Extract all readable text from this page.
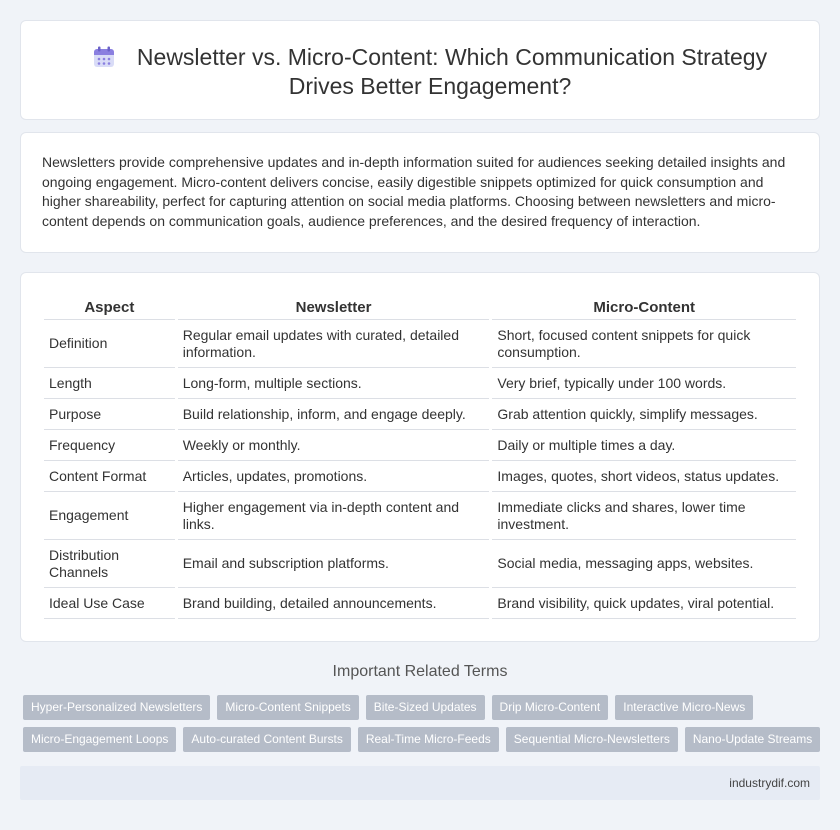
Newsletter vs. Micro-Content: Which Communication Strategy Drives Better Engagement?

Newsletters provide comprehensive updates and in-depth information suited for audiences seeking detailed insights and ongoing engagement. Micro-content delivers concise, easily digestible snippets optimized for quick consumption and higher shareability, perfect for capturing attention on social media platforms. Choosing between newsletters and micro-content depends on communication goals, audience preferences, and the desired frequency of interaction.

Aspect	Newsletter	Micro-Content
Definition	Regular email updates with curated, detailed information.	Short, focused content snippets for quick consumption.
Length	Long-form, multiple sections.	Very brief, typically under 100 words.
Purpose	Build relationship, inform, and engage deeply.	Grab attention quickly, simplify messages.
Frequency	Weekly or monthly.	Daily or multiple times a day.
Content Format	Articles, updates, promotions.	Images, quotes, short videos, status updates.
Engagement	Higher engagement via in-depth content and links.	Immediate clicks and shares, lower time investment.
Distribution Channels	Email and subscription platforms.	Social media, messaging apps, websites.
Ideal Use Case	Brand building, detailed announcements.	Brand visibility, quick updates, viral potential.
Important Related Terms
Hyper-Personalized Newsletters	Micro-Content Snippets	Bite-Sized Updates	Drip Micro-Content	Interactive Micro-News
Micro-Engagement Loops	Auto-curated Content Bursts	Real-Time Micro-Feeds	Sequential Micro-Newsletters	Nano-Update Streams
industrydif.com
